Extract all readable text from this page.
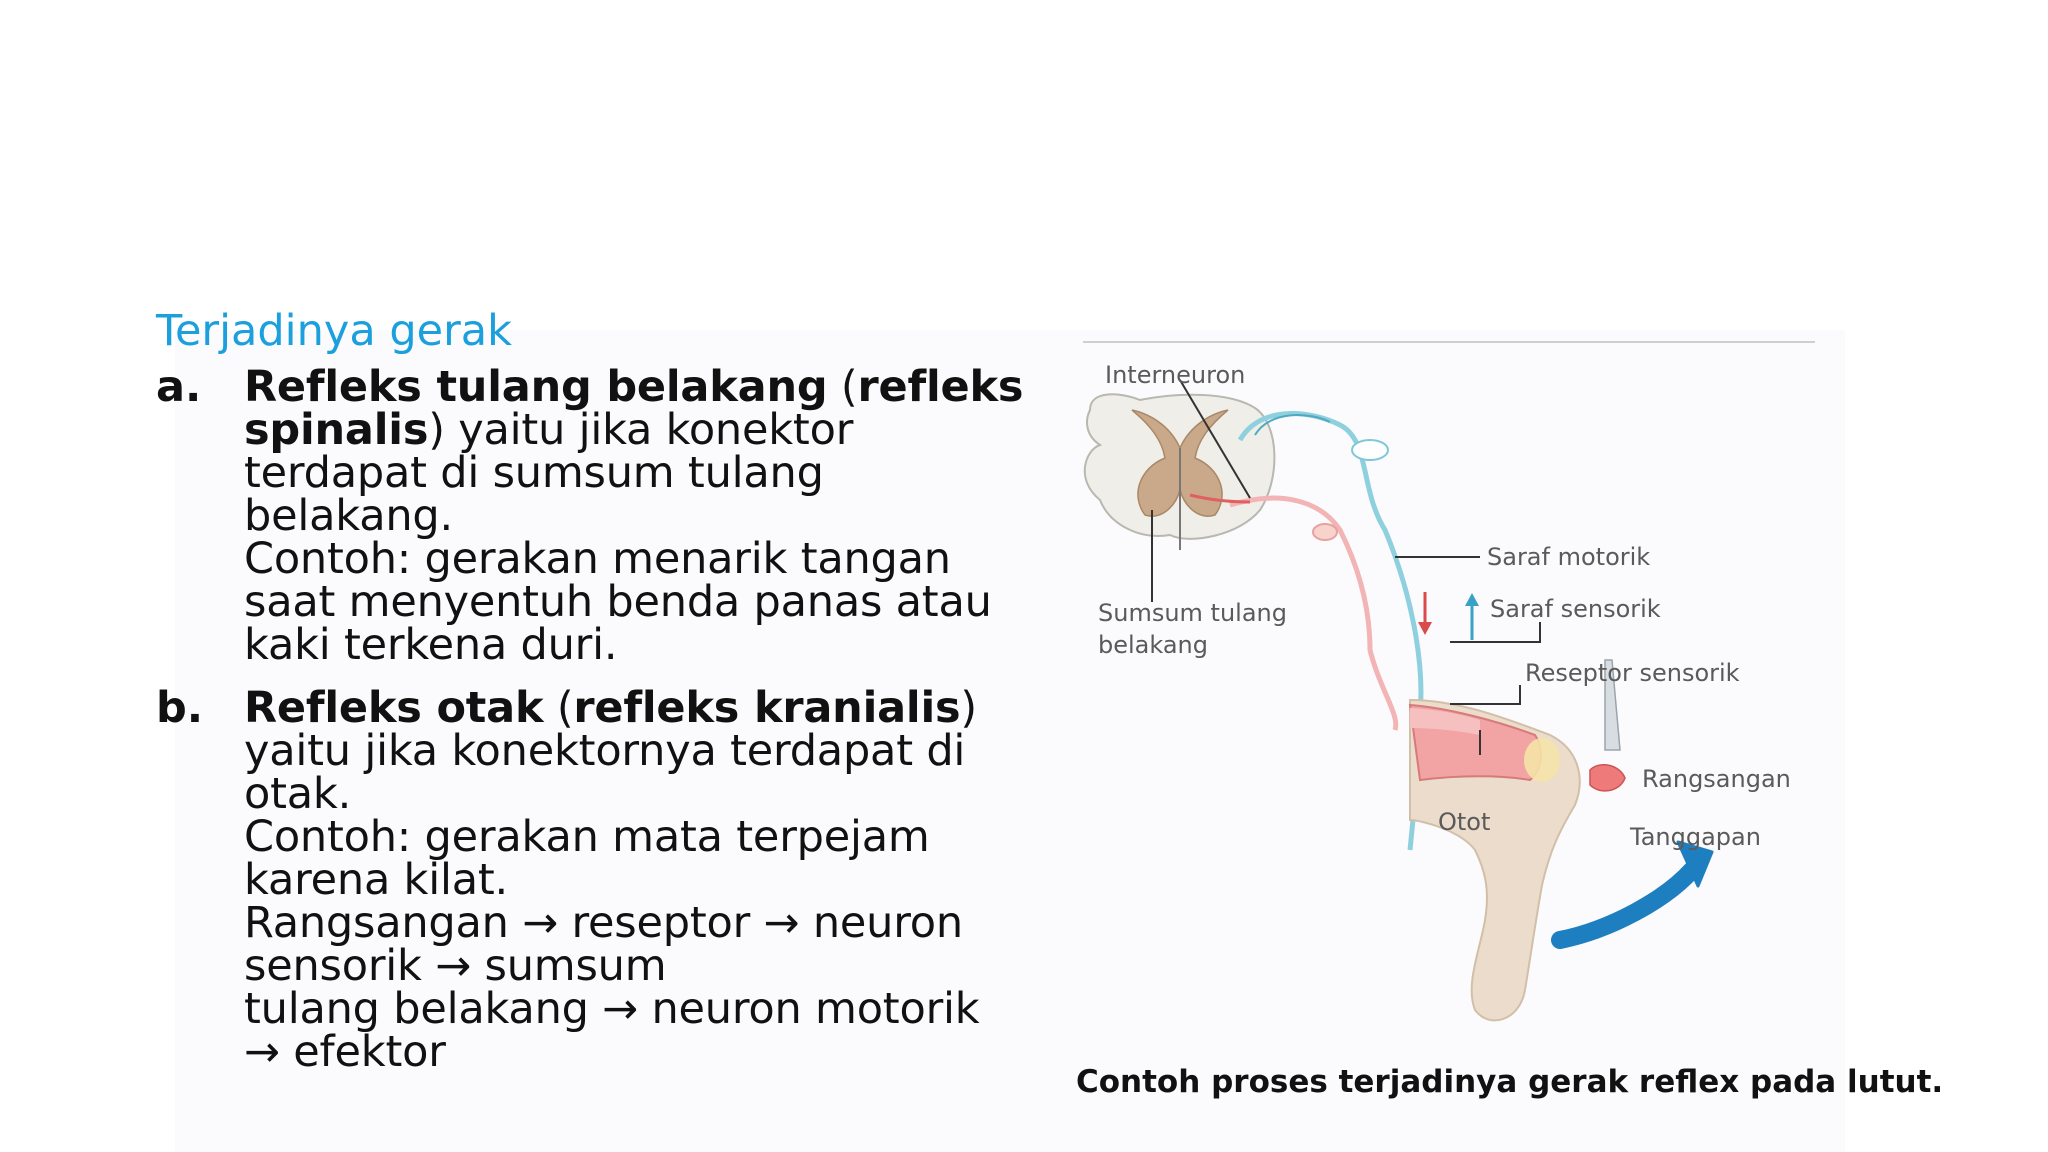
Terjadinya gerak
a. Refleks tulang belakang (refleks spinalis) yaitu jika konektor terdapat di sumsum tulang belakang.
Contoh: gerakan menarik tangan saat menyentuh benda panas atau kaki terkena duri.
b. Refleks otak (refleks kranialis) yaitu jika konektornya terdapat di otak.
Contoh: gerakan mata terpejam karena kilat.
Rangsangan → reseptor → neuron sensorik → sumsum
tulang belakang → neuron motorik → efektor
Interneuron
Sumsum tulang
belakang
Saraf motorik
Saraf sensorik
Reseptor sensorik
Otot
Rangsangan
Tanggapan
Contoh proses terjadinya gerak reflex pada lutut.
